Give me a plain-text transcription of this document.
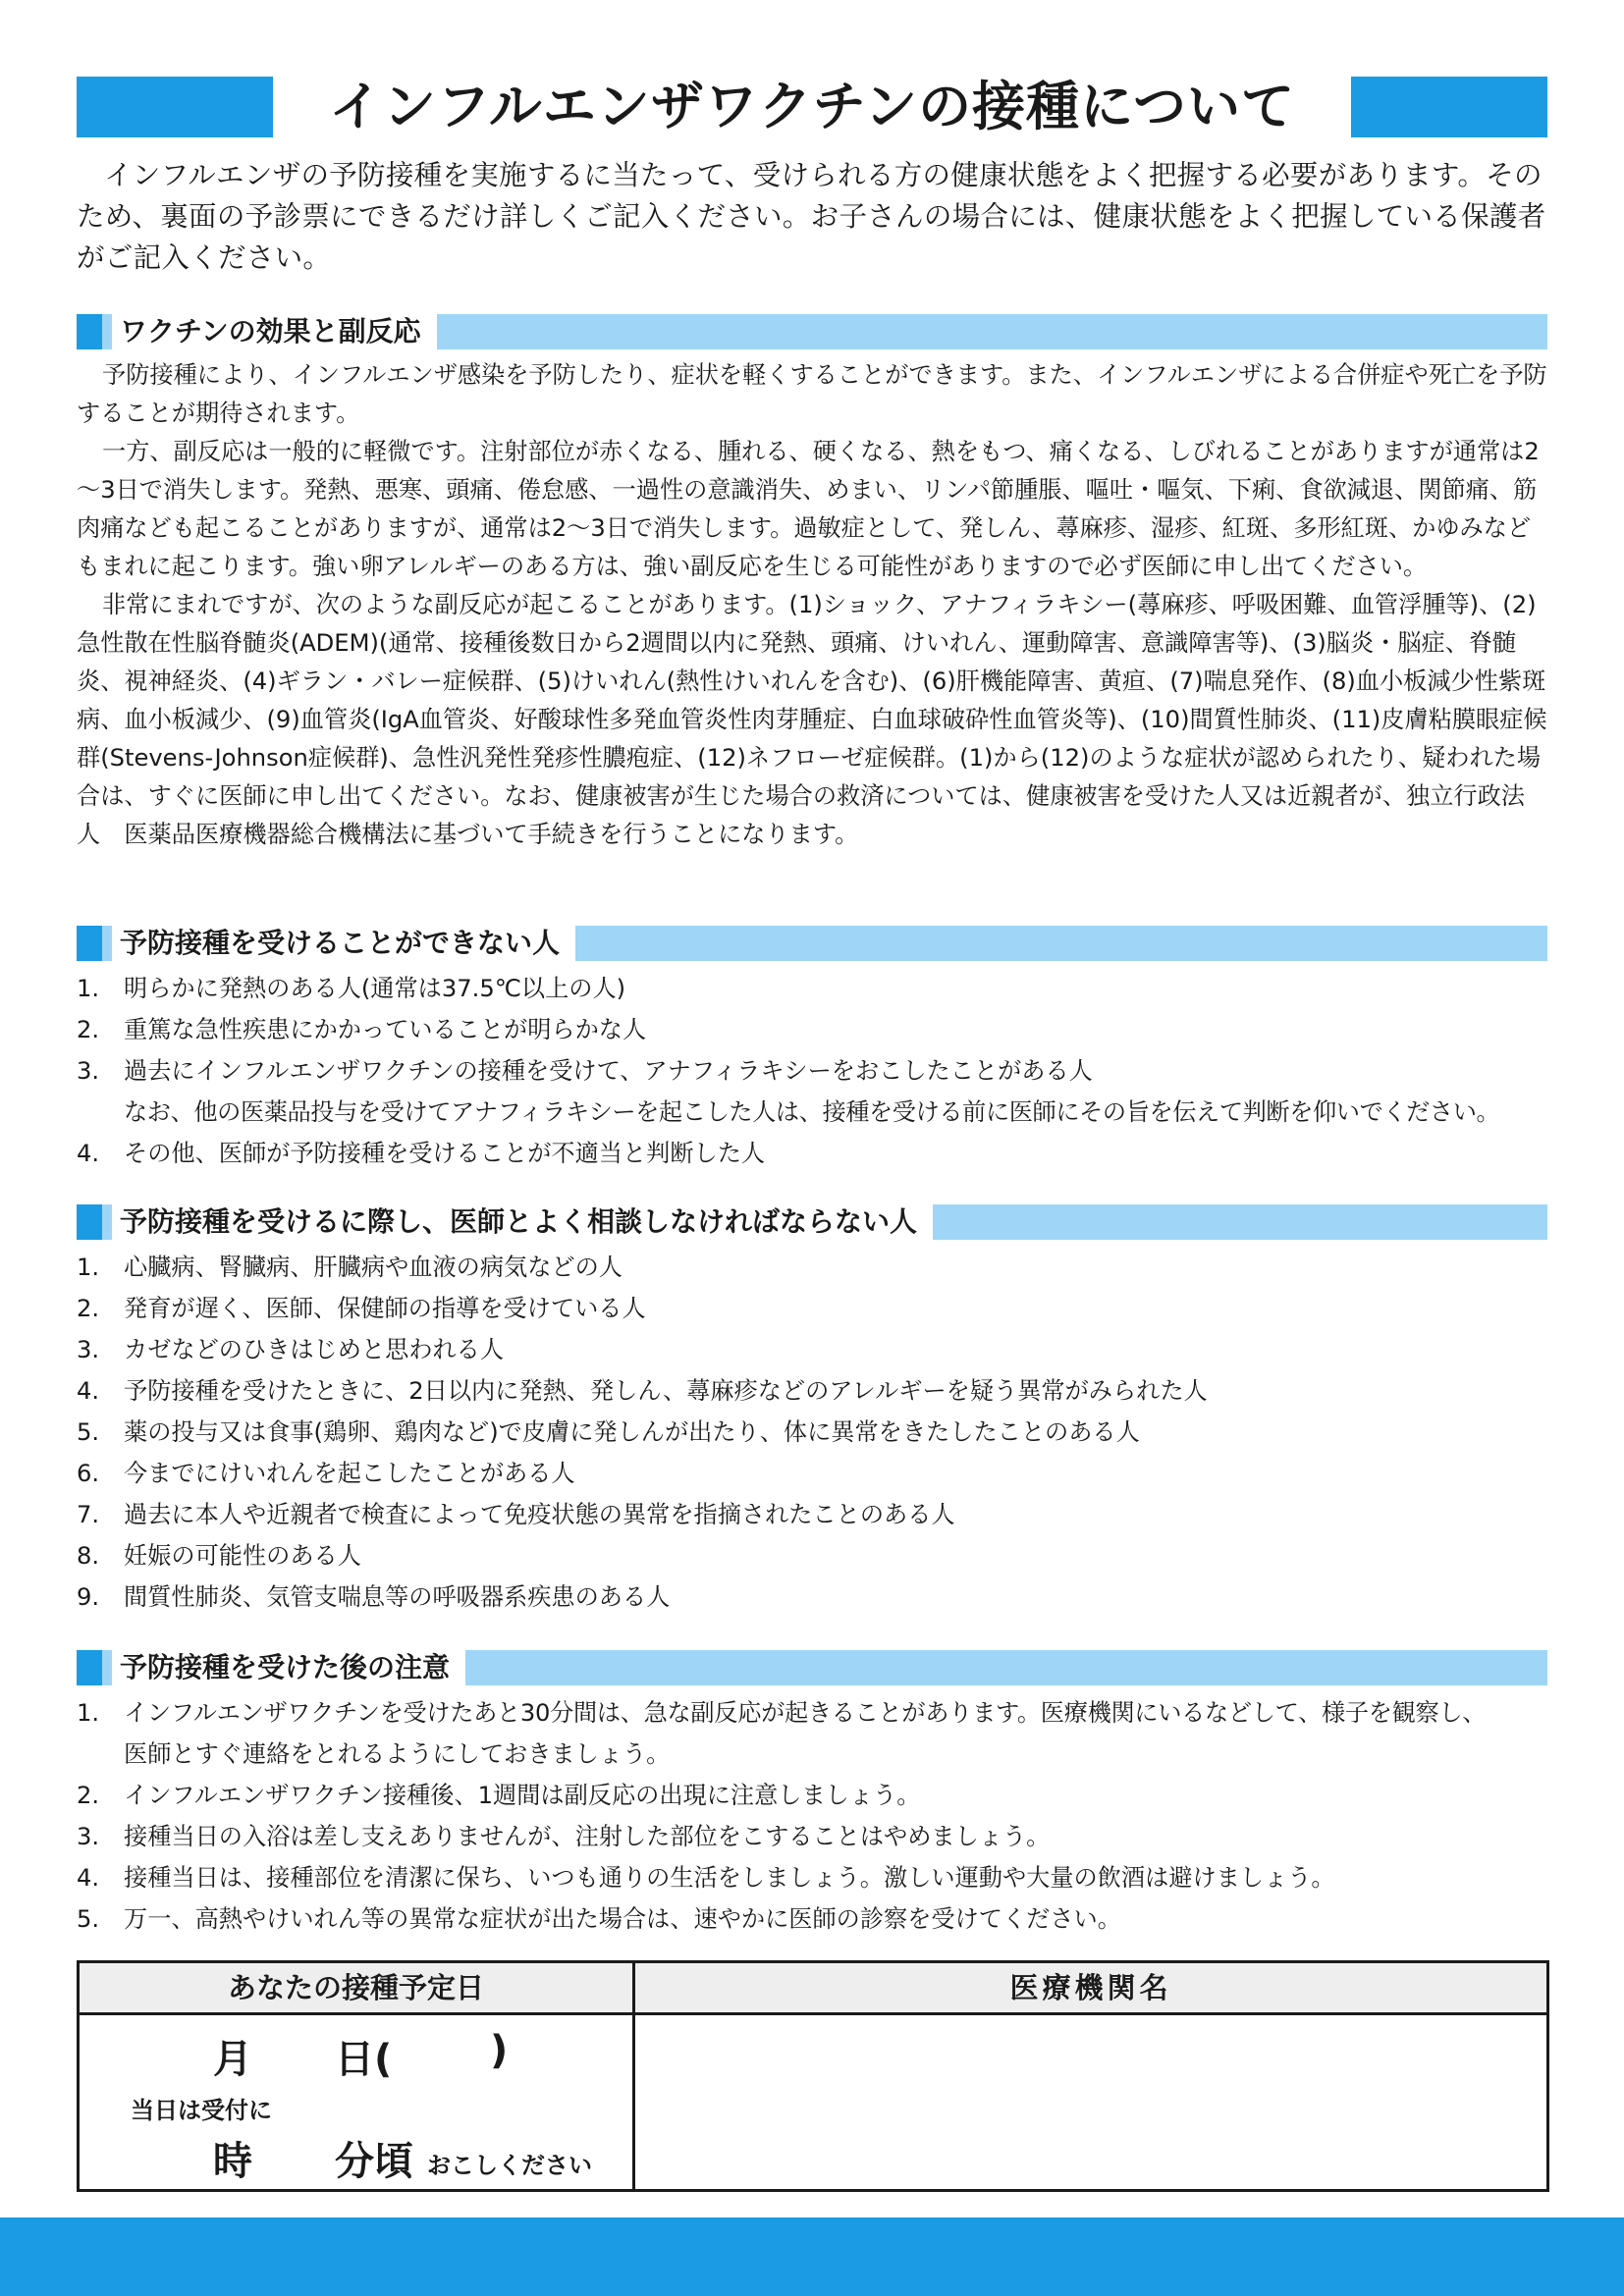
インフルエンザワクチンの接種について
インフルエンザの予防接種を実施するに当たって、受けられる方の健康状態をよく把握する必要があります。そのため、裏面の予診票にできるだけ詳しくご記入ください。お子さんの場合には、健康状態をよく把握している保護者がご記入ください。
ワクチンの効果と副反応

予防接種により、インフルエンザ感染を予防したり、症状を軽くすることができます。また、インフルエンザによる合併症や死亡を予防することが期待されます。

一方、副反応は一般的に軽微です。注射部位が赤くなる、腫れる、硬くなる、熱をもつ、痛くなる、しびれることがありますが通常は2～3日で消失します。発熱、悪寒、頭痛、倦怠感、一過性の意識消失、めまい、リンパ節腫脹、嘔吐・嘔気、下痢、食欲減退、関節痛、筋肉痛なども起こることがありますが、通常は2～3日で消失します。過敏症として、発しん、蕁麻疹、湿疹、紅斑、多形紅斑、かゆみなどもまれに起こります。強い卵アレルギーのある方は、強い副反応を生じる可能性がありますので必ず医師に申し出てください。

非常にまれですが、次のような副反応が起こることがあります。(1)ショック、アナフィラキシー(蕁麻疹、呼吸困難、血管浮腫等)、(2)急性散在性脳脊髄炎(ADEM)(通常、接種後数日から2週間以内に発熱、頭痛、けいれん、運動障害、意識障害等)、(3)脳炎・脳症、脊髄炎、視神経炎、(4)ギラン・バレー症候群、(5)けいれん(熱性けいれんを含む)、(6)肝機能障害、黄疸、(7)喘息発作、(8)血小板減少性紫斑病、血小板減少、(9)血管炎(IgA血管炎、好酸球性多発血管炎性肉芽腫症、白血球破砕性血管炎等)、(10)間質性肺炎、(11)皮膚粘膜眼症候群(Stevens-Johnson症候群)、急性汎発性発疹性膿疱症、(12)ネフローゼ症候群。(1)から(12)のような症状が認められたり、疑われた場合は、すぐに医師に申し出てください。なお、健康被害が生じた場合の救済については、健康被害を受けた人又は近親者が、独立行政法人　医薬品医療機器総合機構法に基づいて手続きを行うことになります。

予防接種を受けることができない人
1.	明らかに発熱のある人(通常は37.5℃以上の人)
2.	重篤な急性疾患にかかっていることが明らかな人
3.	過去にインフルエンザワクチンの接種を受けて、アナフィラキシーをおこしたことがある人
なお、他の医薬品投与を受けてアナフィラキシーを起こした人は、接種を受ける前に医師にその旨を伝えて判断を仰いでください。
4.	その他、医師が予防接種を受けることが不適当と判断した人
予防接種を受けるに際し、医師とよく相談しなければならない人
1.	心臓病、腎臓病、肝臓病や血液の病気などの人
2.	発育が遅く、医師、保健師の指導を受けている人
3.	カゼなどのひきはじめと思われる人
4.	予防接種を受けたときに、2日以内に発熱、発しん、蕁麻疹などのアレルギーを疑う異常がみられた人
5.	薬の投与又は食事(鶏卵、鶏肉など)で皮膚に発しんが出たり、体に異常をきたしたことのある人
6.	今までにけいれんを起こしたことがある人
7.	過去に本人や近親者で検査によって免疫状態の異常を指摘されたことのある人
8.	妊娠の可能性のある人
9.	間質性肺炎、気管支喘息等の呼吸器系疾患のある人
予防接種を受けた後の注意
1.	インフルエンザワクチンを受けたあと30分間は、急な副反応が起きることがあります。医療機関にいるなどして、様子を観察し、
医師とすぐ連絡をとれるようにしておきましょう。
2.	インフルエンザワクチン接種後、1週間は副反応の出現に注意しましょう。
3.	接種当日の入浴は差し支えありませんが、注射した部位をこすることはやめましょう。
4.	接種当日は、接種部位を清潔に保ち、いつも通りの生活をしましょう。激しい運動や大量の飲酒は避けましょう。
5.	万一、高熱やけいれん等の異常な症状が出た場合は、速やかに医師の診察を受けてください。
あなたの接種予定日	医療機関名
月 日( )
当日は受付に
時 分頃 おこしください
